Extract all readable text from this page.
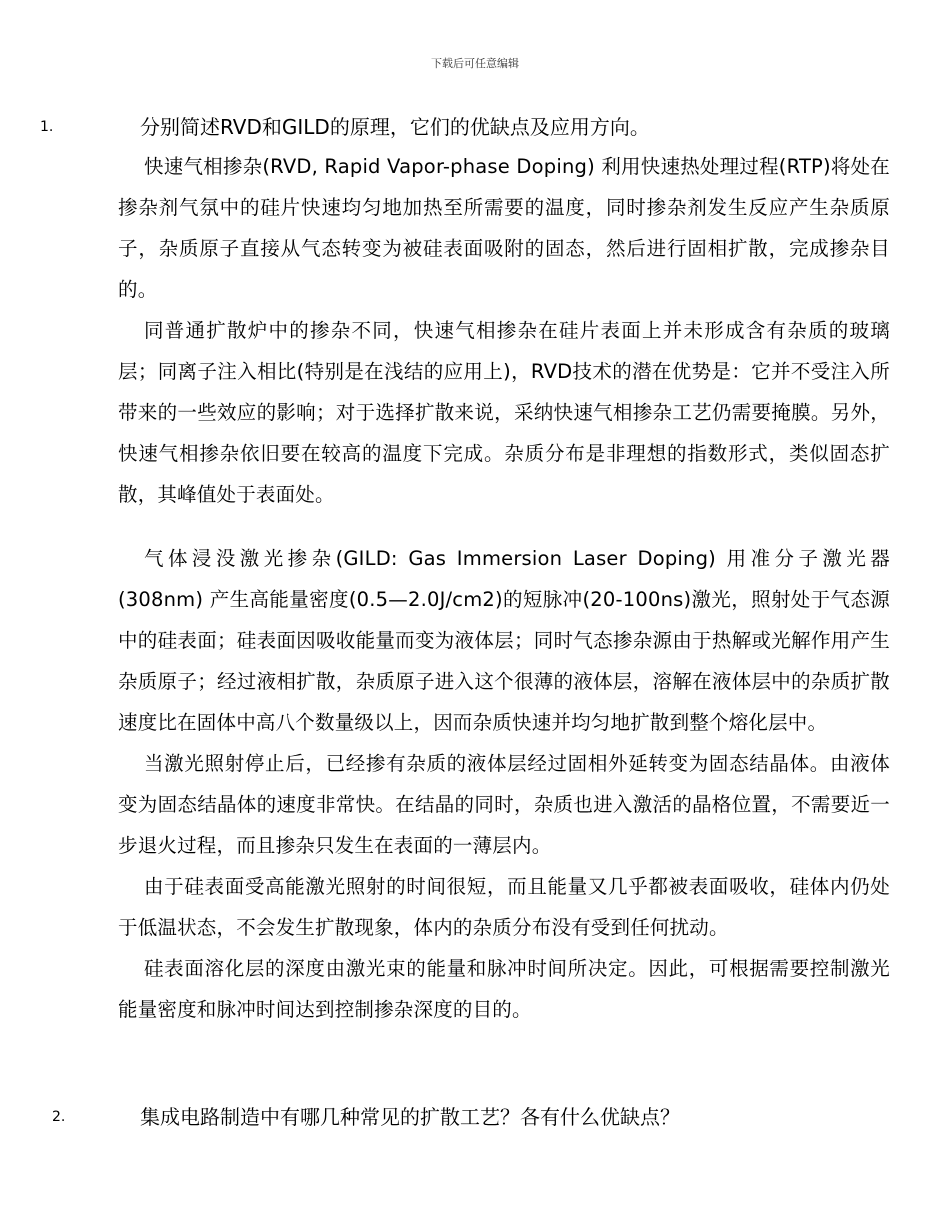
下载后可任意编辑
1.	分别简述RVD和GILD的原理，它们的优缺点及应用方向。

快速气相掺杂(RVD, Rapid Vapor-phase Doping) 利用快速热处理过程(RTP)将处在掺杂剂气氛中的硅片快速均匀地加热至所需要的温度，同时掺杂剂发生反应产生杂质原子，杂质原子直接从气态转变为被硅表面吸附的固态，然后进行固相扩散，完成掺杂目的。

同普通扩散炉中的掺杂不同，快速气相掺杂在硅片表面上并未形成含有杂质的玻璃层；同离子注入相比(特别是在浅结的应用上)，RVD技术的潜在优势是：它并不受注入所带来的一些效应的影响；对于选择扩散来说，采纳快速气相掺杂工艺仍需要掩膜。另外，快速气相掺杂依旧要在较高的温度下完成。杂质分布是非理想的指数形式，类似固态扩散，其峰值处于表面处。

气体浸没激光掺杂(GILD: Gas Immersion Laser Doping) 用准分子激光器(308nm) 产生高能量密度(0.5—2.0J/cm2)的短脉冲(20-100ns)激光，照射处于气态源中的硅表面；硅表面因吸收能量而变为液体层；同时气态掺杂源由于热解或光解作用产生杂质原子；经过液相扩散，杂质原子进入这个很薄的液体层，溶解在液体层中的杂质扩散速度比在固体中高八个数量级以上，因而杂质快速并均匀地扩散到整个熔化层中。

当激光照射停止后，已经掺有杂质的液体层经过固相外延转变为固态结晶体。由液体变为固态结晶体的速度非常快。在结晶的同时，杂质也进入激活的晶格位置，不需要近一步退火过程，而且掺杂只发生在表面的一薄层内。

由于硅表面受高能激光照射的时间很短，而且能量又几乎都被表面吸收，硅体内仍处于低温状态，不会发生扩散现象，体内的杂质分布没有受到任何扰动。

硅表面溶化层的深度由激光束的能量和脉冲时间所决定。因此，可根据需要控制激光能量密度和脉冲时间达到控制掺杂深度的目的。

2.	集成电路制造中有哪几种常见的扩散工艺？各有什么优缺点？
